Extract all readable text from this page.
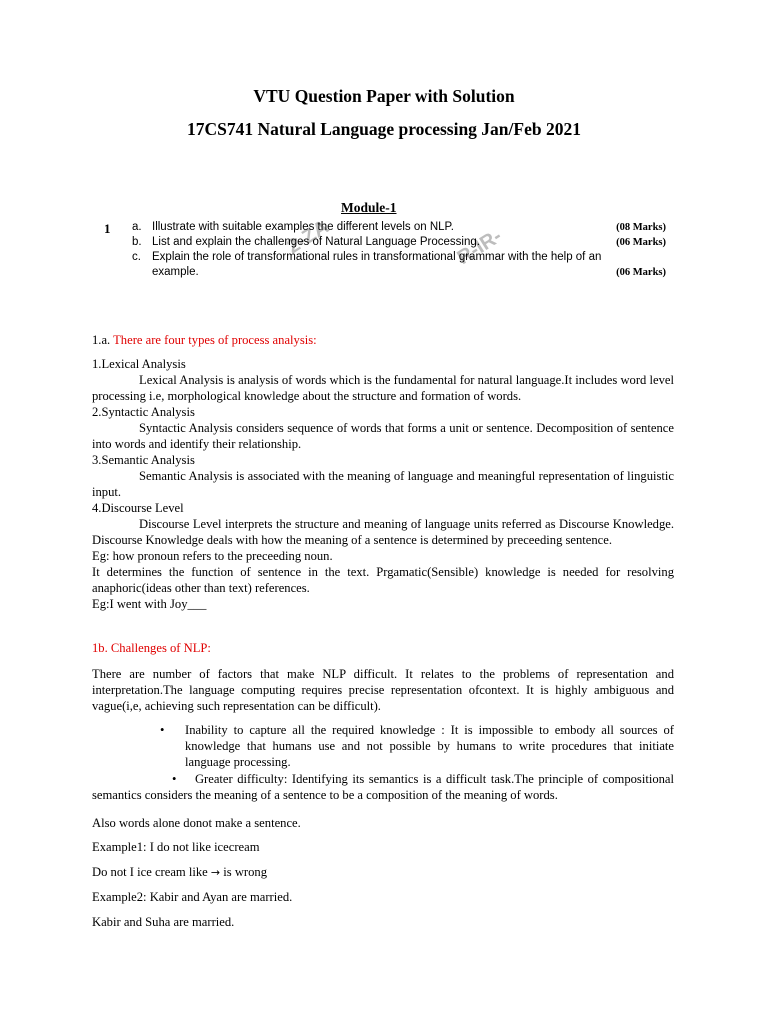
VTU Question Paper with Solution
17CS741 Natural Language processing Jan/Feb 2021
2-ZA	R-IR-
Module-1
1 a. Illustrate with suitable examples the different levels on NLP.	(08 Marks)
b. List and explain the challenges of Natural Language Processing.	(06 Marks)
c. Explain the role of transformational rules in transformational grammar with the help of an
example.	(06 Marks)
1.a. There are four types of process analysis:
1.Lexical Analysis
Lexical Analysis is analysis of words which is the fundamental for natural language.It includes word level processing i.e, morphological knowledge about the structure and formation of words.
2.Syntactic Analysis
Syntactic Analysis considers sequence of words that forms a unit or sentence. Decomposition of sentence into words and identify their relationship.
3.Semantic Analysis
Semantic Analysis is associated with the meaning of language and meaningful representation of linguistic input.
4.Discourse Level
Discourse Level interprets the structure and meaning of language units referred as Discourse Knowledge. Discourse Knowledge deals with how the meaning of a sentence is determined by preceeding sentence.
Eg: how pronoun refers to the preceeding noun.
It determines the function of sentence in the text. Prgamatic(Sensible) knowledge is needed for resolving anaphoric(ideas other than text) references.
Eg:I went with Joy___
1b. Challenges of NLP:
There are number of factors that make NLP difficult. It relates to the problems of representation and interpretation.The language computing requires precise representation ofcontext. It is highly ambiguous and vague(i,e, achieving such representation can be difficult).
• Inability to capture all the required knowledge : It is impossible to embody all sources of knowledge that humans use and not possible by humans to write procedures that initiate language processing.
• Greater difficulty: Identifying its semantics is a difficult task.The principle of compositional semantics considers the meaning of a sentence to be a composition of the meaning of words.
Also words alone donot make a sentence.
Example1: I do not like icecream
Do not I ice cream like → is wrong
Example2: Kabir and Ayan are married.
Kabir and Suha are married.
